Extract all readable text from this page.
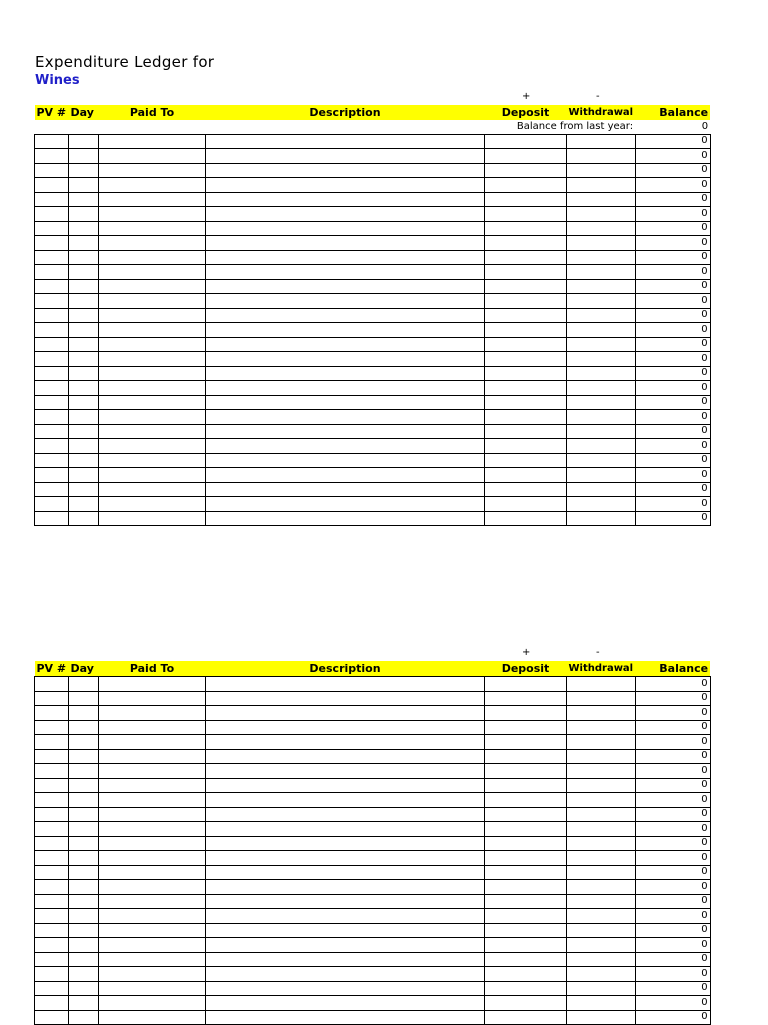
Expenditure Ledger for
Wines
+	-
PV #	Day	Paid To	Description	Deposit	Withdrawal	Balance
Balance from last year:						0
						0
						0
						0
						0
						0
						0
						0
						0
						0
						0
						0
						0
						0
						0
						0
						0
						0
						0
						0
						0
						0
						0
						0
						0
						0
						0
						0
+	-
PV #	Day	Paid To	Description	Deposit	Withdrawal	Balance
						0
						0
						0
						0
						0
						0
						0
						0
						0
						0
						0
						0
						0
						0
						0
						0
						0
						0
						0
						0
						0
						0
						0
						0
